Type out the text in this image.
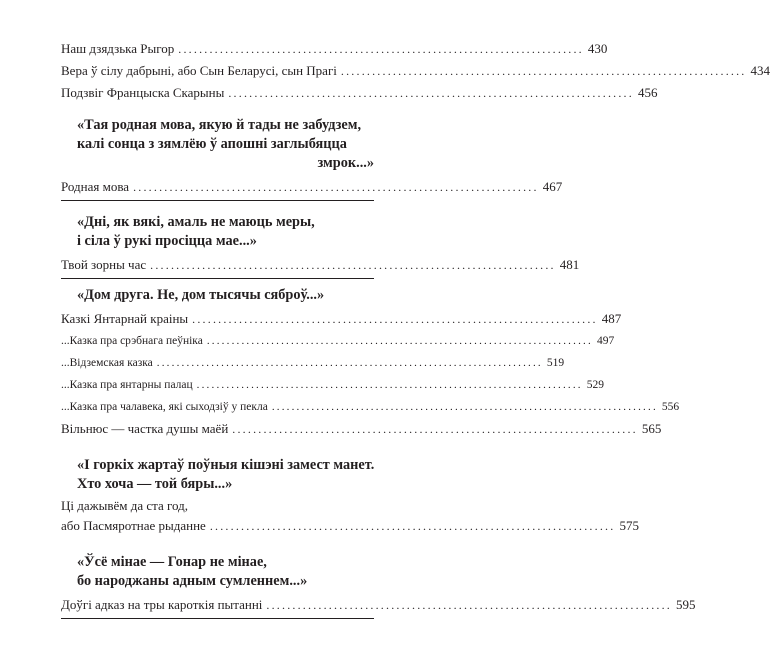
Наш дзядзька Рыгор .............................................................................. 430
Вера ў сілу дабрыні, або Сын Беларусі, сын Прагі .............................................................................. 434
Подзвіг Францыска Скарыны .............................................................................. 456
«Тая родная мова, якую й тады не забудзем,
калі сонца з зямлёю ў апошні заглыбяцца
змрок...»
Родная мова .............................................................................. 467
«Дні, як вякі, амаль не маюць меры,
і сіла ў рукі просіцца мае...»
Твой зорны час .............................................................................. 481
«Дом друга. Не, дом тысячы сяброў...»
Казкі Янтарнай краіны .............................................................................. 487
...Казка пра срэбнага пеўніка .............................................................................. 497
...Відземская казка .............................................................................. 519
...Казка пра янтарны палац .............................................................................. 529
...Казка пра чалавека, які сыходзіў у пекла .............................................................................. 556
Вільнюс — частка душы маёй .............................................................................. 565
«І горкіх жартаў поўныя кішэні замест манет.
Хто хоча — той бяры...»
Ці дажывём да ста год,
або Пасмяротнае рыданне .............................................................................. 575
«Ўсё мінае — Гонар не мінае,
бо народжаны адным сумленнем...»
Доўгі адказ на тры кароткія пытанні .............................................................................. 595
